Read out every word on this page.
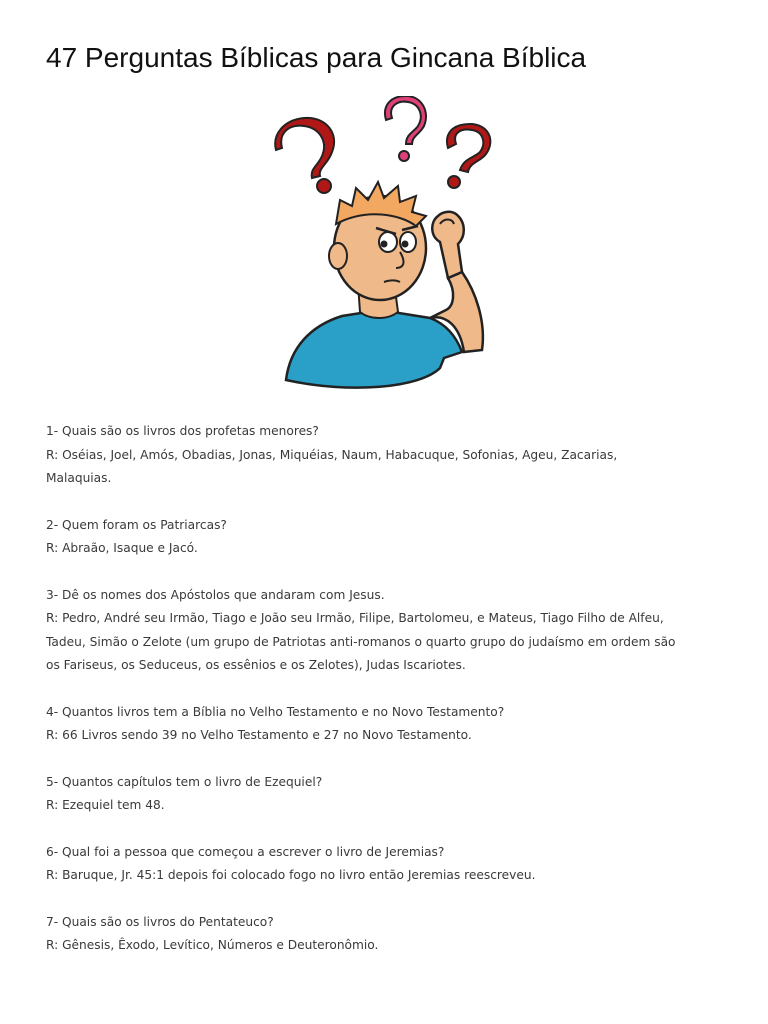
47 Perguntas Bíblicas para Gincana Bíblica

1- Quais são os livros dos profetas menores?

R: Oséias, Joel, Amós, Obadias, Jonas, Miquéias, Naum, Habacuque, Sofonias, Ageu, Zacarias,

Malaquias.

2- Quem foram os Patriarcas?

R: Abraão, Isaque e Jacó.

3- Dê os nomes dos Apóstolos que andaram com Jesus.

R: Pedro, André seu Irmão, Tiago e João seu Irmão, Filipe, Bartolomeu, e Mateus, Tiago Filho de Alfeu,

Tadeu, Simão o Zelote (um grupo de Patriotas anti-romanos o quarto grupo do judaísmo em ordem são

os Fariseus, os Seduceus, os essênios e os Zelotes), Judas Iscariotes.

4- Quantos livros tem a Bíblia no Velho Testamento e no Novo Testamento?

R: 66 Livros sendo 39 no Velho Testamento e 27 no Novo Testamento.

5- Quantos capítulos tem o livro de Ezequiel?

R: Ezequiel tem 48.

6- Qual foi a pessoa que começou a escrever o livro de Jeremias?

R: Baruque, Jr. 45:1 depois foi colocado fogo no livro então Jeremias reescreveu.

7- Quais são os livros do Pentateuco?

R: Gênesis, Êxodo, Levítico, Números e Deuteronômio.
